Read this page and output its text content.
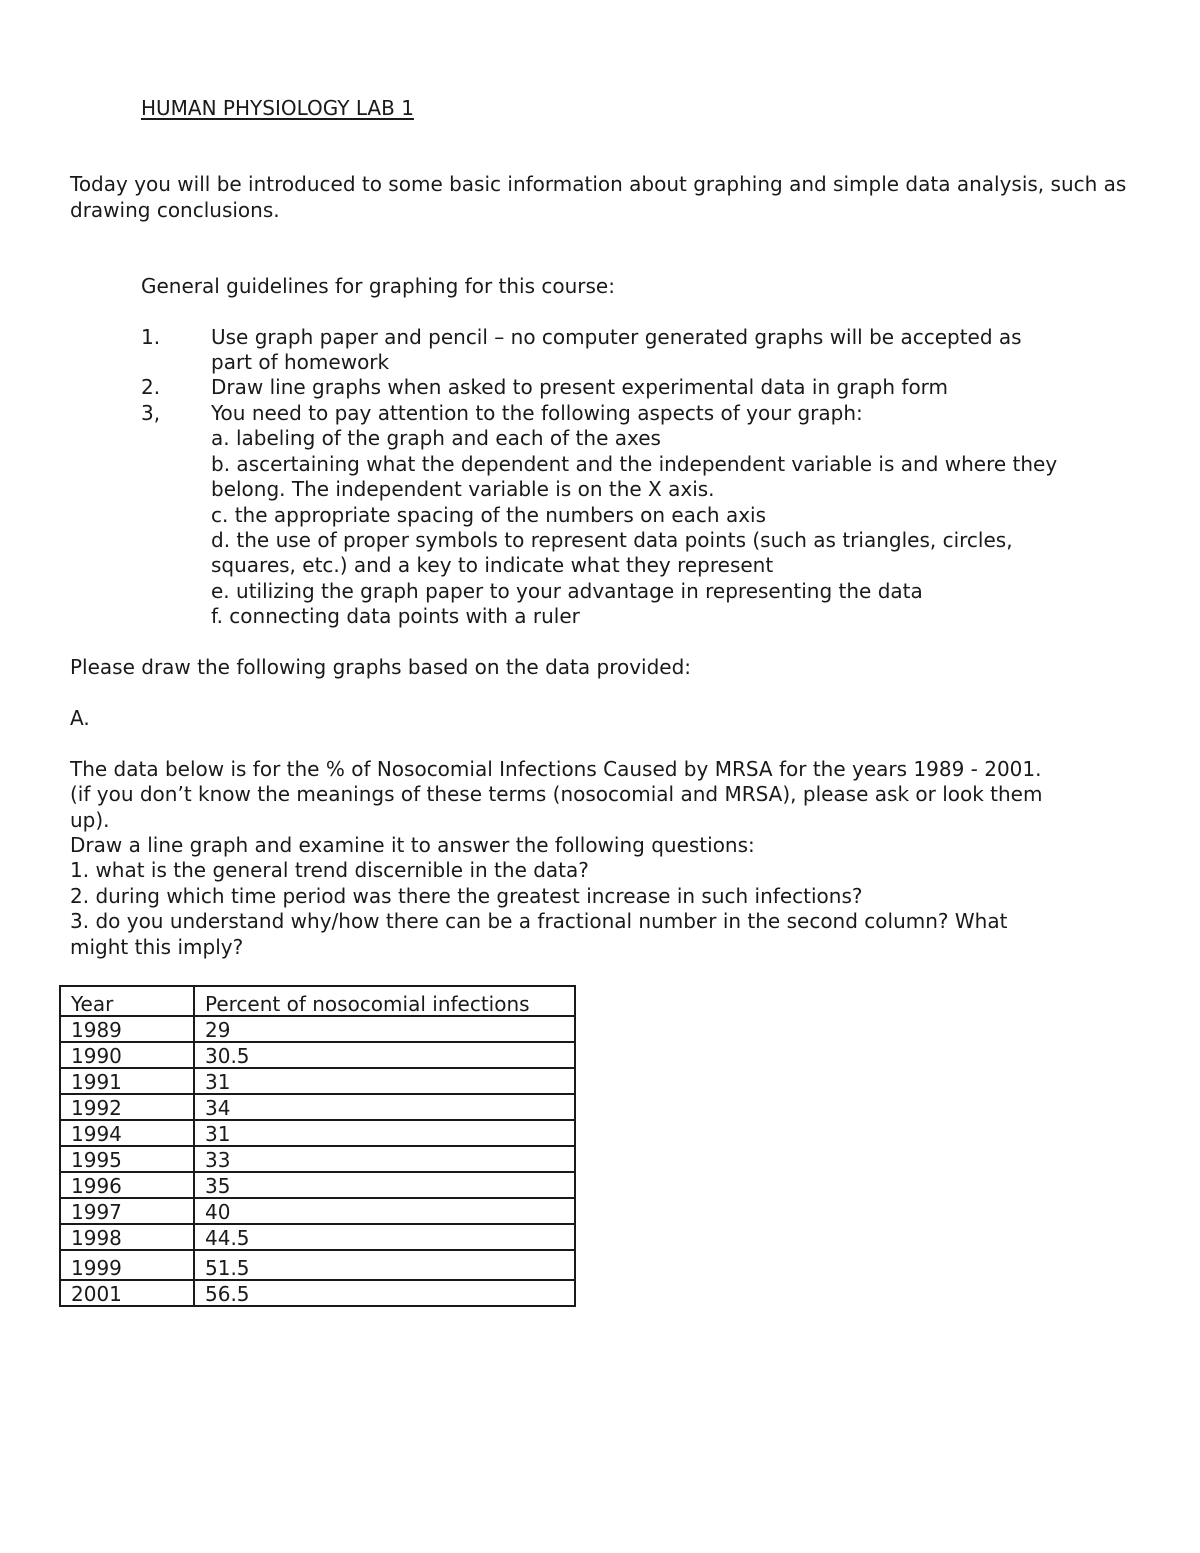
HUMAN PHYSIOLOGY LAB 1
Today you will be introduced to some basic information about graphing and simple data analysis, such as drawing conclusions.
General guidelines for graphing for this course:
1.	Use graph paper and pencil – no computer generated graphs will be accepted as
part of homework
2.	Draw line graphs when asked to present experimental data in graph form
3,	You need to pay attention to the following aspects of your graph:
a. labeling of the graph and each of the axes
b. ascertaining what the dependent and the independent variable is and where they
belong. The independent variable is on the X axis.
c. the appropriate spacing of the numbers on each axis
d. the use of proper symbols to represent data points (such as triangles, circles,
squares, etc.) and a key to indicate what they represent
e. utilizing the graph paper to your advantage in representing the data
f. connecting data points with a ruler
Please draw the following graphs based on the data provided:
A.
The data below is for the % of Nosocomial Infections Caused by MRSA for the years 1989 - 2001.
(if you don’t know the meanings of these terms (nosocomial and MRSA), please ask or look them
up).
Draw a line graph and examine it to answer the following questions:
1. what is the general trend discernible in the data?
2. during which time period was there the greatest increase in such infections?
3. do you understand why/how there can be a fractional number in the second column? What
might this imply?
Year	Percent of nosocomial infections
1989	29
1990	30.5
1991	31
1992	34
1994	31
1995	33
1996	35
1997	40
1998	44.5
1999	51.5
2001	56.5
